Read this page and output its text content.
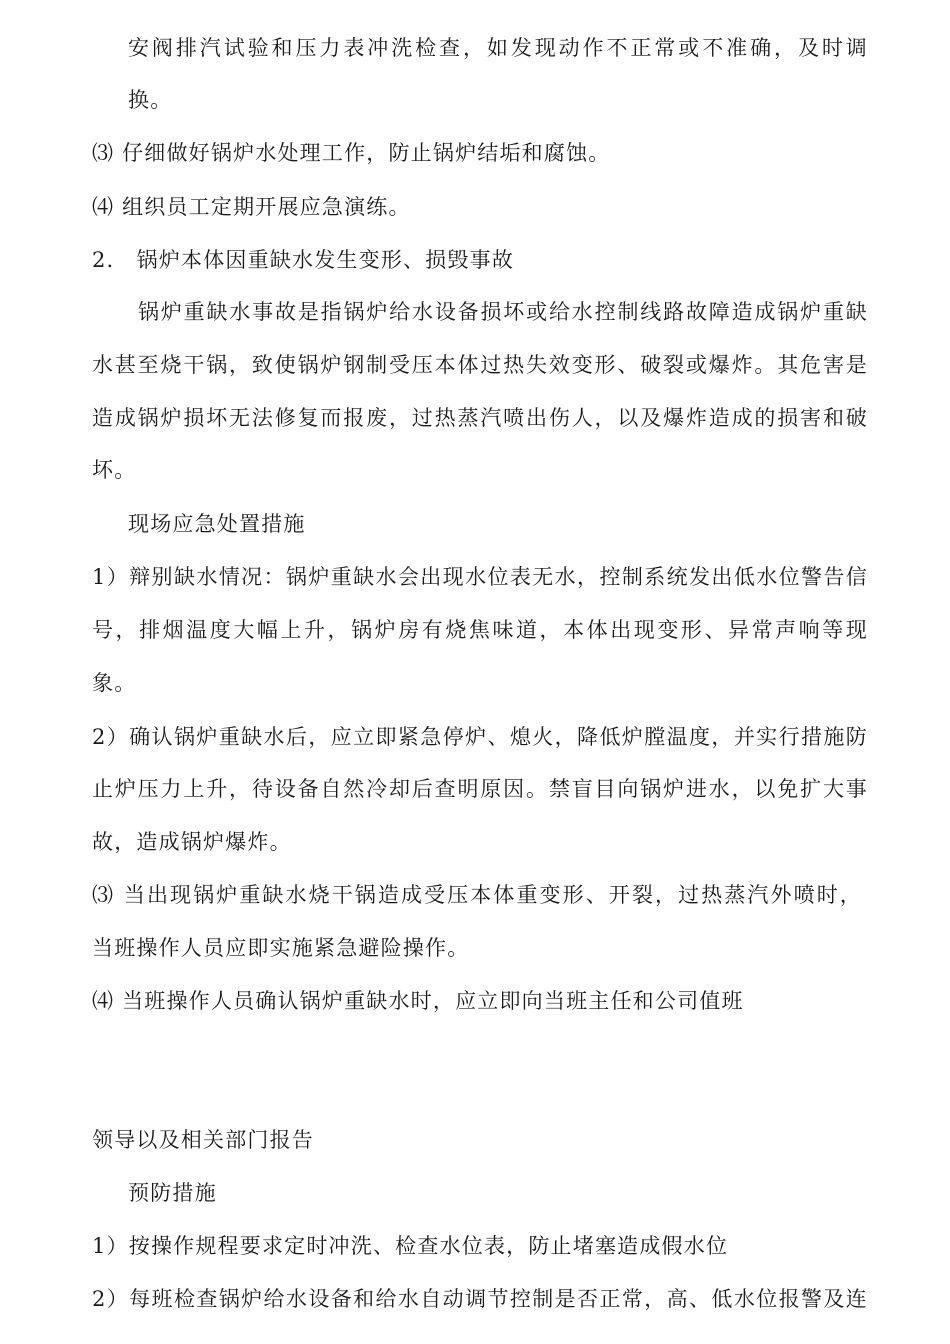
安阀排汽试验和压力表冲洗检查，如发现动作不正常或不准确，及时调
换。
⑶ 仔细做好锅炉水处理工作，防止锅炉结垢和腐蚀。
⑷ 组织员工定期开展应急演练。
2.　锅炉本体因重缺水发生变形、损毁事故
锅炉重缺水事故是指锅炉给水设备损坏或给水控制线路故障造成锅炉重缺
水甚至烧干锅，致使锅炉钢制受压本体过热失效变形、破裂或爆炸。其危害是
造成锅炉损坏无法修复而报废，过热蒸汽喷出伤人，以及爆炸造成的损害和破
坏。
现场应急处置措施
1）辩别缺水情况：锅炉重缺水会出现水位表无水，控制系统发出低水位警告信
号，排烟温度大幅上升，锅炉房有烧焦味道，本体出现变形、异常声响等现
象。
2）确认锅炉重缺水后，应立即紧急停炉、熄火，降低炉膛温度，并实行措施防
止炉压力上升，待设备自然冷却后查明原因。禁盲目向锅炉进水，以免扩大事
故，造成锅炉爆炸。
⑶ 当出现锅炉重缺水烧干锅造成受压本体重变形、开裂，过热蒸汽外喷时，
当班操作人员应即实施紧急避险操作。
⑷ 当班操作人员确认锅炉重缺水时，应立即向当班主任和公司值班
领导以及相关部门报告
预防措施
1）按操作规程要求定时冲洗、检查水位表，防止堵塞造成假水位
2）每班检查锅炉给水设备和给水自动调节控制是否正常，高、低水位报警及连
